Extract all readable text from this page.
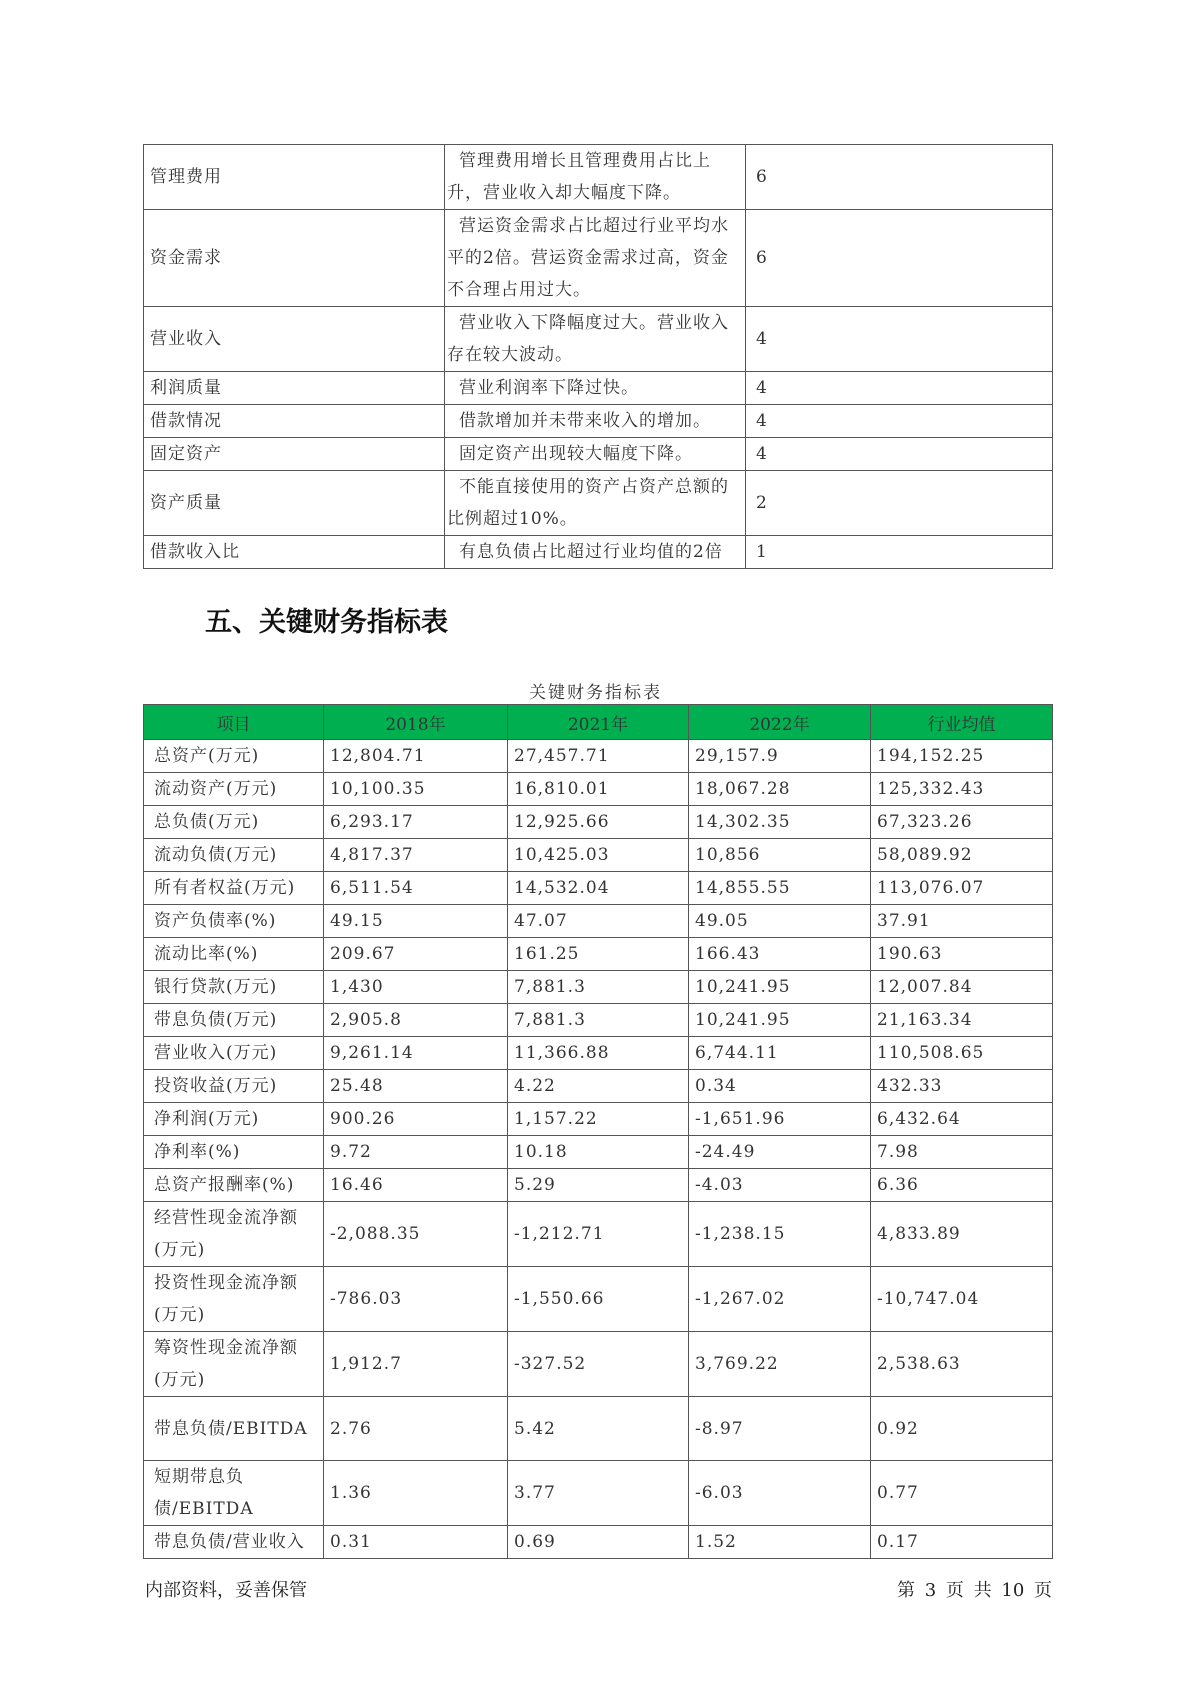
管理费用	管理费用增长且管理费用占比上升，营业收入却大幅度下降。	6
资金需求	营运资金需求占比超过行业平均水平的2倍。营运资金需求过高，资金不合理占用过大。	6
营业收入	营业收入下降幅度过大。营业收入存在较大波动。	4
利润质量	营业利润率下降过快。	4
借款情况	借款增加并未带来收入的增加。	4
固定资产	固定资产出现较大幅度下降。	4
资产质量	不能直接使用的资产占资产总额的比例超过10%。	2
借款收入比	有息负债占比超过行业均值的2倍	1
五、关键财务指标表
关键财务指标表
项目	2018年	2021年	2022年	行业均值
总资产(万元)	12,804.71	27,457.71	29,157.9	194,152.25
流动资产(万元)	10,100.35	16,810.01	18,067.28	125,332.43
总负债(万元)	6,293.17	12,925.66	14,302.35	67,323.26
流动负债(万元)	4,817.37	10,425.03	10,856	58,089.92
所有者权益(万元)	6,511.54	14,532.04	14,855.55	113,076.07
资产负债率(%)	49.15	47.07	49.05	37.91
流动比率(%)	209.67	161.25	166.43	190.63
银行贷款(万元)	1,430	7,881.3	10,241.95	12,007.84
带息负债(万元)	2,905.8	7,881.3	10,241.95	21,163.34
营业收入(万元)	9,261.14	11,366.88	6,744.11	110,508.65
投资收益(万元)	25.48	4.22	0.34	432.33
净利润(万元)	900.26	1,157.22	-1,651.96	6,432.64
净利率(%)	9.72	10.18	-24.49	7.98
总资产报酬率(%)	16.46	5.29	-4.03	6.36
经营性现金流净额(万元)	-2,088.35	-1,212.71	-1,238.15	4,833.89
投资性现金流净额(万元)	-786.03	-1,550.66	-1,267.02	-10,747.04
筹资性现金流净额(万元)	1,912.7	-327.52	3,769.22	2,538.63
带息负债/EBITDA	2.76	5.42	-8.97	0.92
短期带息负债/EBITDA	1.36	3.77	-6.03	0.77
带息负债/营业收入	0.31	0.69	1.52	0.17
内部资料，妥善保管	第 3 页 共 10 页
